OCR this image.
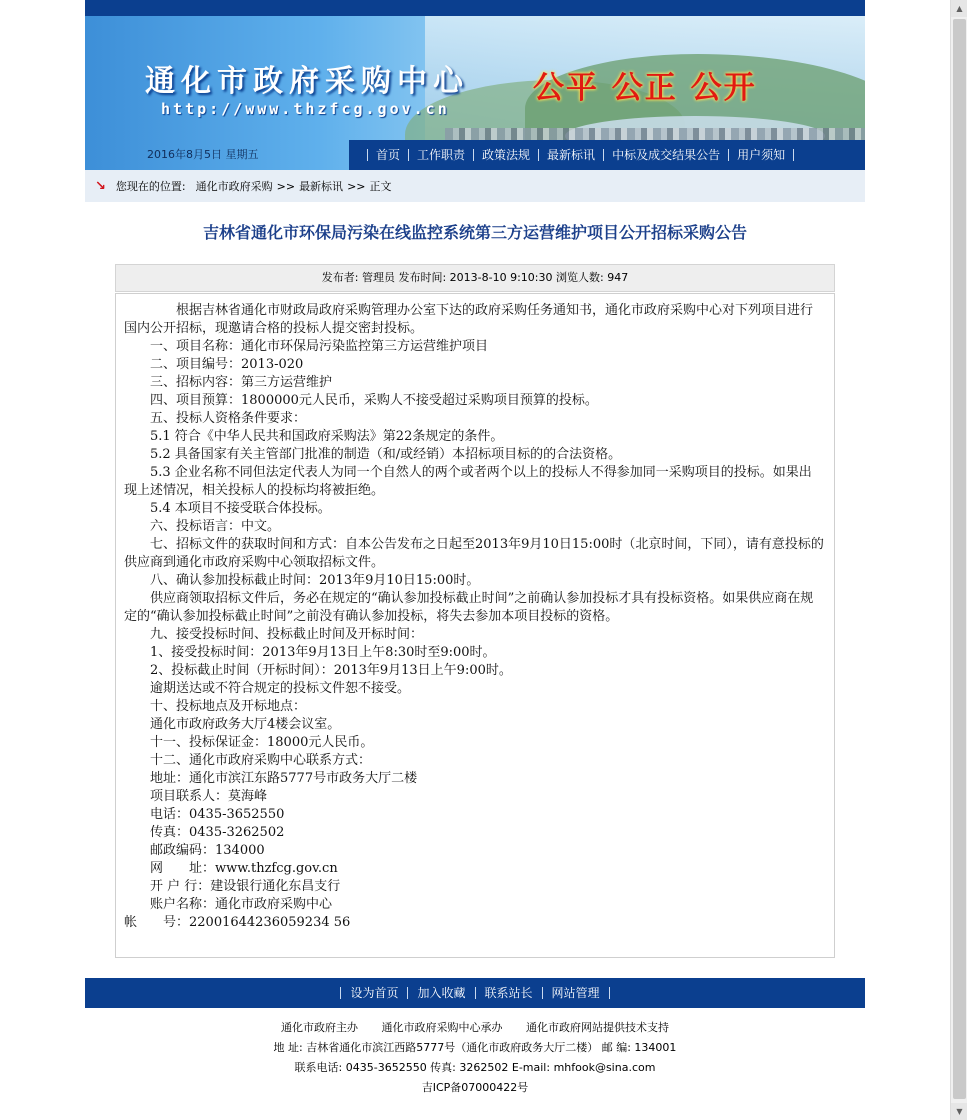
通化市政府采购中心
http://www.thzfcg.gov.cn
公平 公正 公开
2016年8月5日 星期五	首页	工作职责	政策法规	最新标讯	中标及成交结果公告	用户须知
↘ 您现在的位置: 通化市政府采购 >> 最新标讯 >> 正文
吉林省通化市环保局污染在线监控系统第三方运营维护项目公开招标采购公告
发布者: 管理员 发布时间: 2013-8-10 9:10:30 浏览人数: 947

　　　　根据吉林省通化市财政局政府采购管理办公室下达的政府采购任务通知书，通化市政府采购中心对下列项目进行国内公开招标，现邀请合格的投标人提交密封投标。

　　一、项目名称：通化市环保局污染监控第三方运营维护项目

　　二、项目编号：2013-020

　　三、招标内容：第三方运营维护

　　四、项目预算：1800000元人民币，采购人不接受超过采购项目预算的投标。

　　五、投标人资格条件要求：

　　5.1 符合《中华人民共和国政府采购法》第22条规定的条件。

　　5.2 具备国家有关主管部门批准的制造（和/或经销）本招标项目标的的合法资格。

　　5.3 企业名称不同但法定代表人为同一个自然人的两个或者两个以上的投标人不得参加同一采购项目的投标。如果出现上述情况，相关投标人的投标均将被拒绝。

　　5.4 本项目不接受联合体投标。

　　六、投标语言：中文。

　　七、招标文件的获取时间和方式：自本公告发布之日起至2013年9月10日15:00时（北京时间，下同），请有意投标的供应商到通化市政府采购中心领取招标文件。

　　八、确认参加投标截止时间：2013年9月10日15:00时。

　　供应商领取招标文件后，务必在规定的“确认参加投标截止时间”之前确认参加投标才具有投标资格。如果供应商在规定的“确认参加投标截止时间”之前没有确认参加投标，将失去参加本项目投标的资格。

　　九、接受投标时间、投标截止时间及开标时间：

　　1、接受投标时间：2013年9月13日上午8:30时至9:00时。

　　2、投标截止时间（开标时间）：2013年9月13日上午9:00时。

　　逾期送达或不符合规定的投标文件恕不接受。

　　十、投标地点及开标地点：

　　通化市政府政务大厅4楼会议室。

　　十一、投标保证金：18000元人民币。

　　十二、通化市政府采购中心联系方式：

　　地址：通化市滨江东路5777号市政务大厅二楼

　　项目联系人：莫海峰

　　电话：0435-3652550

　　传真：0435-3262502

　　邮政编码：134000

　　网　　址：www.thzfcg.gov.cn

　　开 户 行：建设银行通化东昌支行

　　账户名称：通化市政府采购中心

帐　　号：22001644236059234 56

设为首页	加入收藏	联系站长	网站管理
通化市政府主办 通化市政府采购中心承办 通化市政府网站提供技术支持
地 址: 吉林省通化市滨江西路5777号（通化市政府政务大厅二楼） 邮 编: 134001
联系电话: 0435-3652550 传真: 3262502 E-mail: mhfook@sina.com
吉ICP备07000422号
▲
▼
